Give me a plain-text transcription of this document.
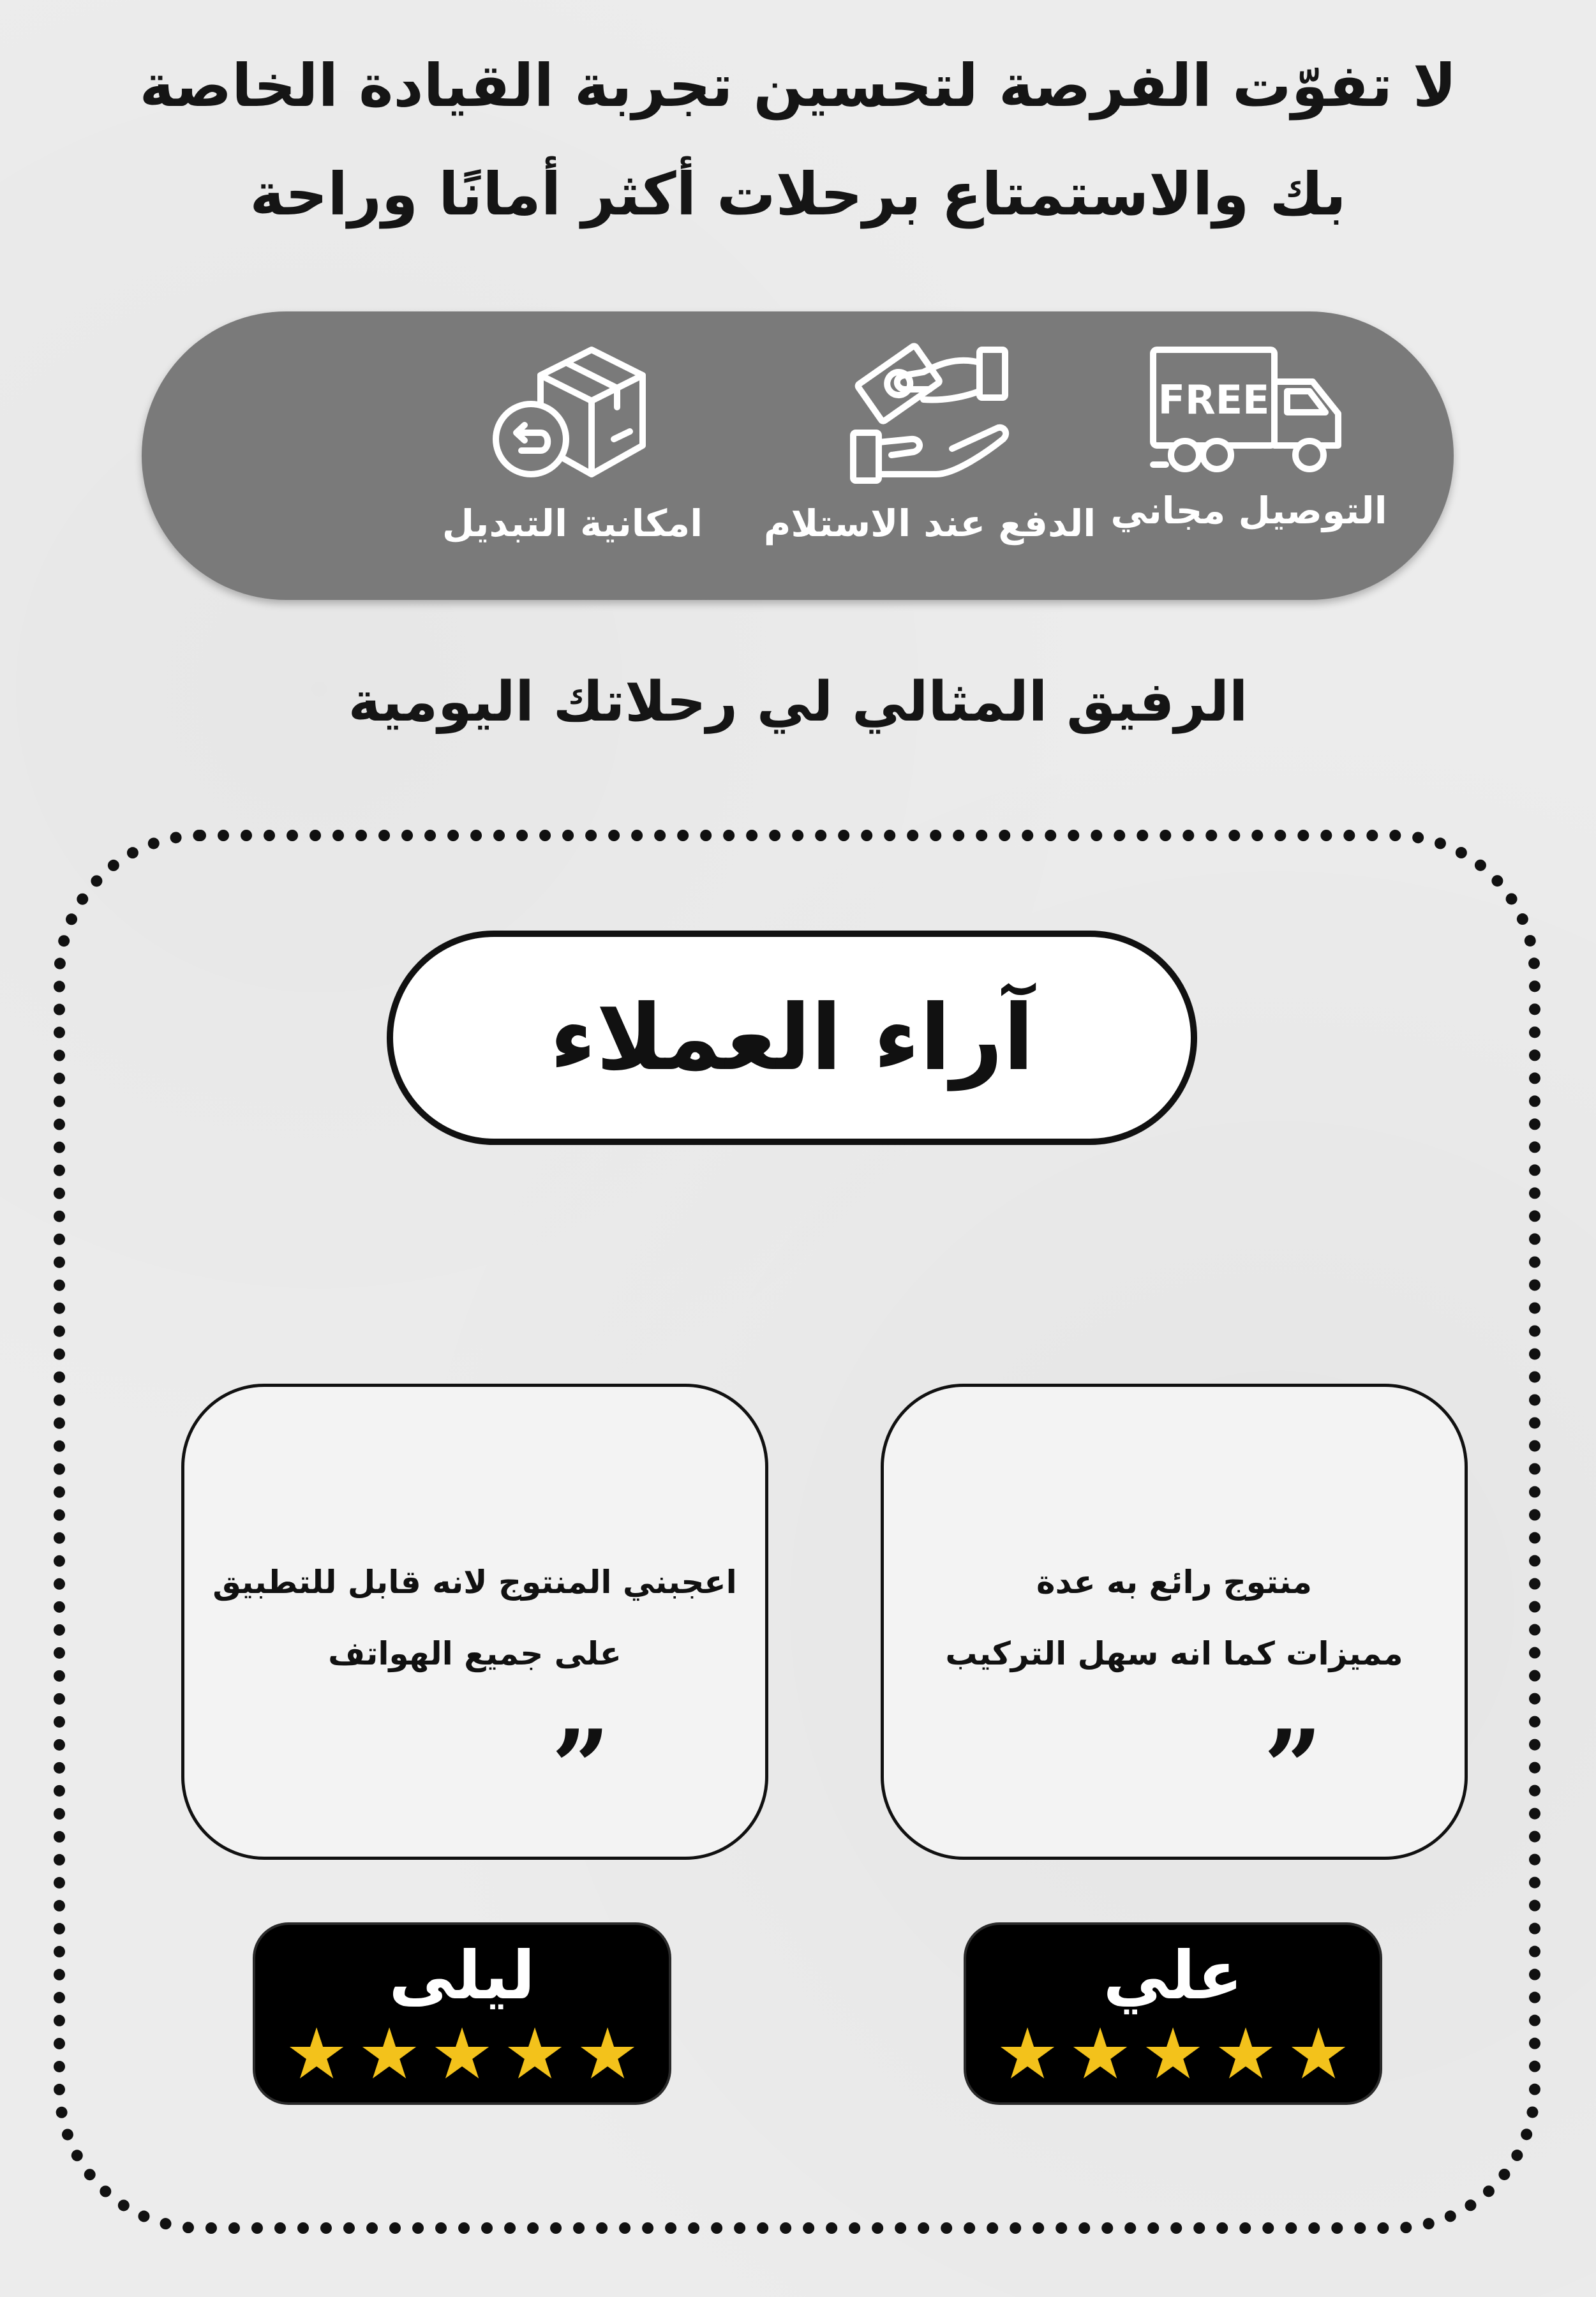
لا تفوّت الفرصة لتحسين تجربة القيادة الخاصة
بك والاستمتاع برحلات أكثر أمانًا وراحة
FREE
التوصيل مجاني
الدفع عند الاستلام
امكانية التبديل
الرفيق المثالي لي رحلاتك اليومية
آراء العملاء
اعجبني المنتوج لانه قابل للتطبيق
على جميع الهواتف
”
منتوج رائع به عدة
مميزات كما انه سهل التركيب
”
ليلى
★ ★ ★ ★ ★
علي
★ ★ ★ ★ ★
